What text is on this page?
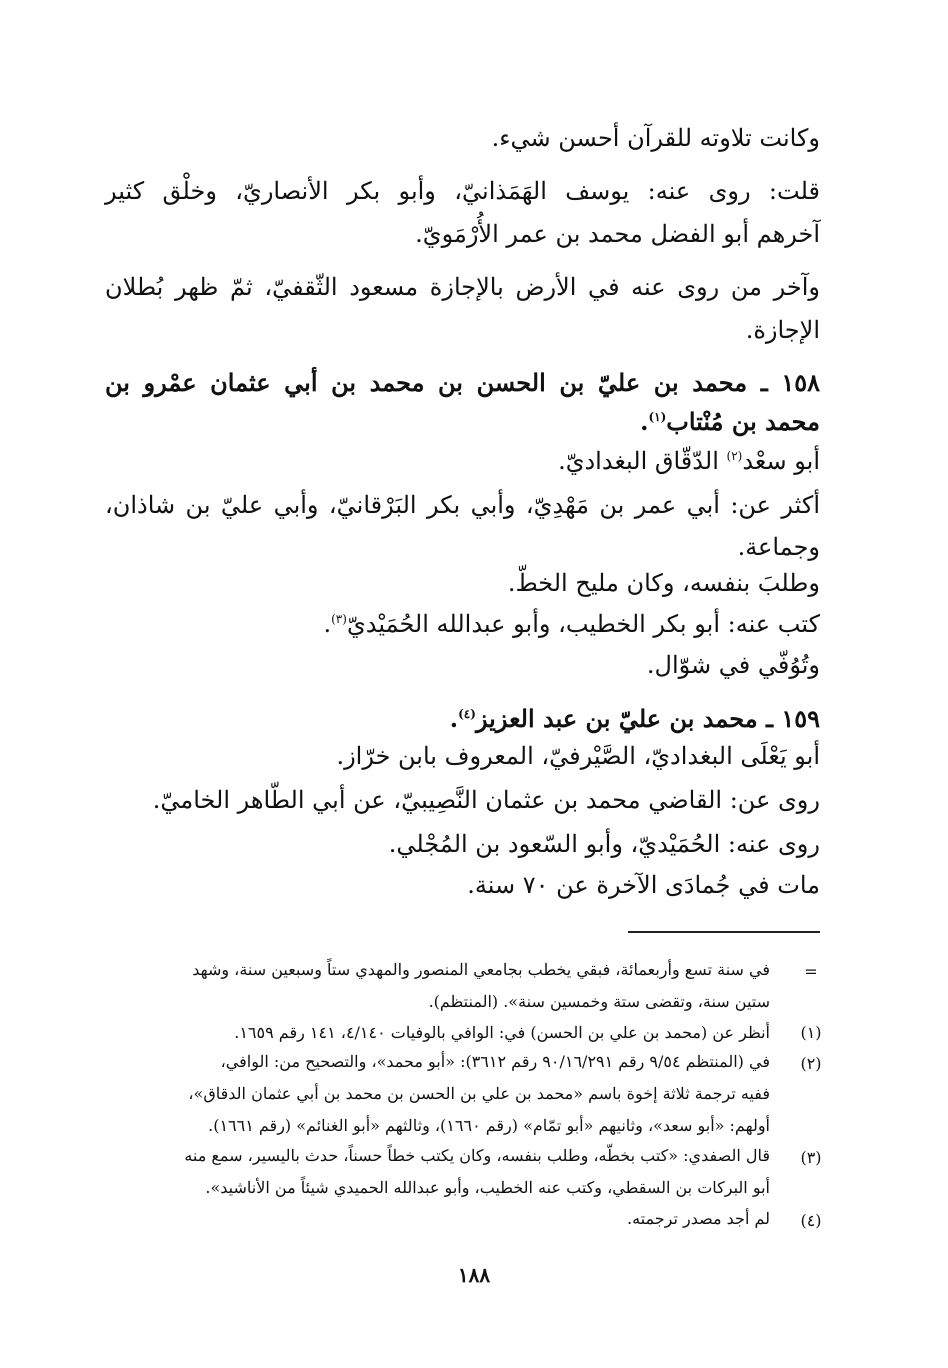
وكانت تلاوته للقرآن أحسن شيء.
قلت: روى عنه: يوسف الهَمَذانيّ، وأبو بكر الأنصاريّ، وخلْق كثير
آخرهم أبو الفضل محمد بن عمر الأُرْمَويّ.
وآخر من روى عنه في الأرض بالإجازة مسعود الثّقفيّ، ثمّ ظهر بُطلان
الإجازة.
١٥٨ ـ محمد بن عليّ بن الحسن بن محمد بن أبي عثمان عمْرو بن
محمد بن مُنْتاب$^{(١)}$.
أبو سعْد$^{(٢)}$ الدّقّاق البغداديّ.
أكثر عن: أبي عمر بن مَهْدِيّ، وأبي بكر البَرْقانيّ، وأبي عليّ بن شاذان،
وجماعة.
وطلبَ بنفسه، وكان مليح الخطّ.
كتب عنه: أبو بكر الخطيب، وأبو عبدالله الحُمَيْديّ$^{(٣)}$.
وتُوُفّي في شوّال.
١٥٩ ـ محمد بن عليّ بن عبد العزيز$^{(٤)}$.
أبو يَعْلَى البغداديّ، الصَّيْرفيّ، المعروف بابن خرّاز.
روى عن: القاضي محمد بن عثمان النَّصِيبيّ، عن أبي الطّاهر الخاميّ.
روى عنه: الحُمَيْديّ، وأبو السّعود بن المُجْلي.
مات في جُمادَى الآخرة عن ٧٠ سنة.
=
في سنة تسع وأربعمائة، فبقي يخطب بجامعي المنصور والمهدي ستاً وسبعين سنة، وشهد
ستين سنة، وتقضى ستة وخمسين سنة». (المنتظم).
(١)
أنظر عن (محمد بن علي بن الحسن) في: الوافي بالوفيات ٤/١٤٠، ١٤١ رقم ١٦٥٩.
(٢)
في (المنتظم ٩/٥٤ رقم ٩٠/١٦/٢٩١ رقم ٣٦١٢): «أبو محمد»، والتصحيح من: الوافي،
ففيه ترجمة ثلاثة إخوة باسم «محمد بن علي بن الحسن بن محمد بن أبي عثمان الدقاق»،
أولهم: «أبو سعد»، وثانيهم «أبو تمّام» (رقم ١٦٦٠)، وثالثهم «أبو الغنائم» (رقم ١٦٦١).
(٣)
قال الصفدي: «كتب بخطّه، وطلب بنفسه، وكان يكتب خطاً حسناً، حدث باليسير، سمع منه
أبو البركات بن السقطي، وكتب عنه الخطيب، وأبو عبدالله الحميدي شيئاً من الأناشيد».
(٤)
لم أجد مصدر ترجمته.
١٨٨
